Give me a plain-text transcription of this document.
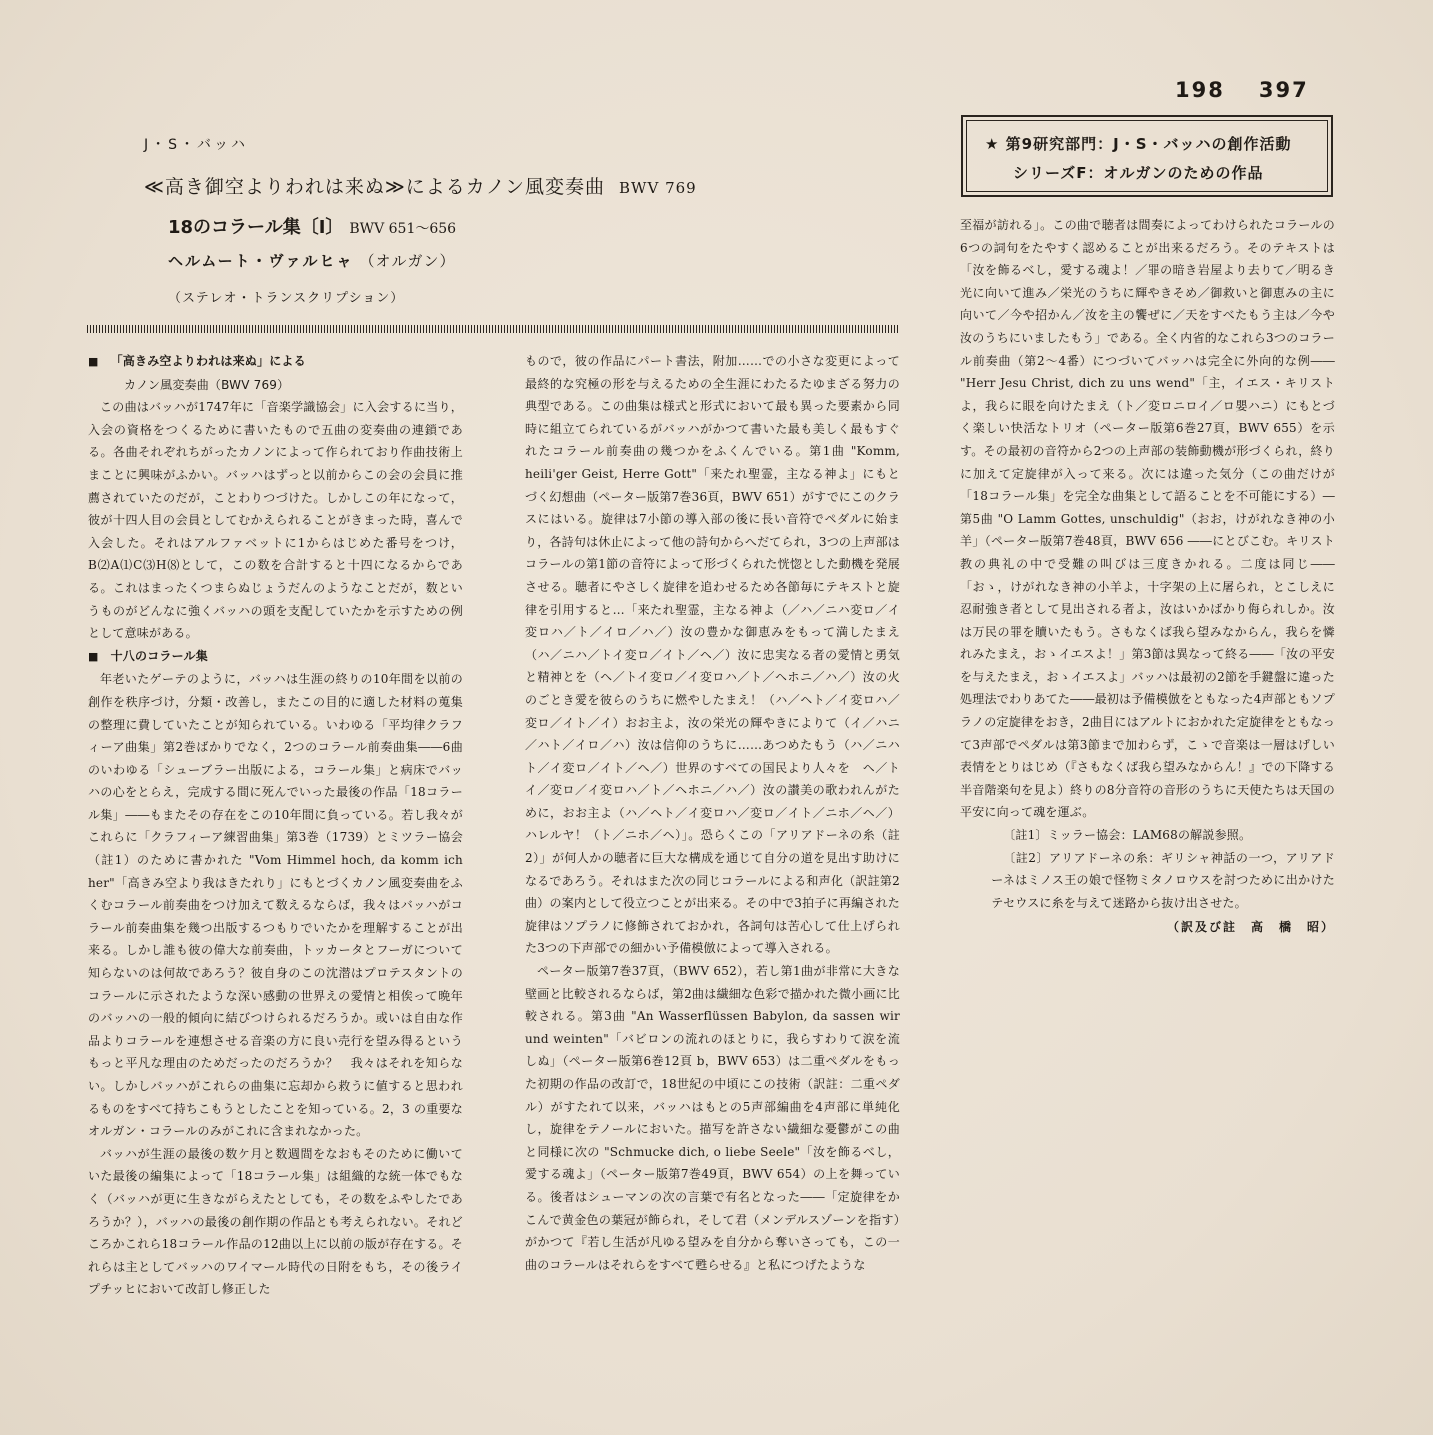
198 397
★ 第9研究部門：J・S・バッハの創作活動
シリーズF：オルガンのための作品
J・S・バッハ
≪高き御空よりわれは来ぬ≫によるカノン風変奏曲 BWV 769
18のコラール集〔Ⅰ〕 BWV 651〜656
ヘルムート・ヴァルヒャ （オルガン）
（ステレオ・トランスクリプション）
■ 「高きみ空よりわれは来ぬ」による
カノン風変奏曲（BWV 769）

この曲はバッハが1747年に「音楽学識協会」に入会するに当り，入会の資格をつくるために書いたもので五曲の変奏曲の連鎖である。各曲それぞれちがったカノンによって作られており作曲技術上まことに興味がふかい。バッハはずっと以前からこの会の会員に推薦されていたのだが，ことわりつづけた。しかしこの年になって，彼が十四人目の会員としてむかえられることがきまった時，喜んで入会した。それはアルファベットに1からはじめた番号をつけ，B⑵A⑴C⑶H⑻として，この数を合計すると十四になるからである。これはまったくつまらぬじょうだんのようなことだが，数というものがどんなに強くバッハの頭を支配していたかを示すための例として意味がある。

■ 十八のコラール集

年老いたゲーテのように，バッハは生涯の終りの10年間を以前の創作を秩序づけ，分類・改善し，またこの目的に適した材料の蒐集の整理に費していたことが知られている。いわゆる「平均律クラフィーア曲集」第2巻ばかりでなく，2つのコラール前奏曲集――6曲のいわゆる「シューブラー出版による，コラール集」と病床でバッハの心をとらえ，完成する間に死んでいった最後の作品「18コラール集」――もまたその存在をこの10年間に負っている。若し我々がこれらに「クラフィーア練習曲集」第3巻（1739）とミツラー協会（註1）のために書かれた "Vom Himmel hoch, da komm ich her"「高きみ空より我はきたれり」にもとづくカノン風変奏曲をふくむコラール前奏曲をつけ加えて数えるならば，我々はバッハがコラール前奏曲集を幾つ出版するつもりでいたかを理解することが出来る。しかし誰も彼の偉大な前奏曲，トッカータとフーガについて知らないのは何故であろう？彼自身のこの沈潜はプロテスタントのコラールに示されたような深い感動の世界えの愛情と相俟って晩年のバッハの一般的傾向に結びつけられるだろうか。或いは自由な作品よりコラールを連想させる音楽の方に良い売行を望み得るというもっと平凡な理由のためだったのだろうか？　我々はそれを知らない。しかしバッハがこれらの曲集に忘却から救うに値すると思われるものをすべて持ちこもうとしたことを知っている。2，3 の重要なオルガン・コラールのみがこれに含まれなかった。

バッハが生涯の最後の数ケ月と数週間をなおもそのために働いていた最後の編集によって「18コラール集」は組織的な統一体でもなく（バッハが更に生きながらえたとしても，その数をふやしたであろうか？），バッハの最後の創作期の作品とも考えられない。それどころかこれら18コラール作品の12曲以上に以前の版が存在する。それらは主としてバッハのワイマール時代の日附をもち，その後ライプチッヒにおいて改訂し修正した

もので，彼の作品にパート書法，附加……での小さな変更によって最終的な究極の形を与えるための全生涯にわたるたゆまざる努力の典型である。この曲集は様式と形式において最も異った要素から同時に組立てられているがバッハがかつて書いた最も美しく最もすぐれたコラール前奏曲の幾つかをふくんでいる。第1曲 "Komm, heili'ger Geist, Herre Gott"「来たれ聖霊，主なる神よ」にもとづく幻想曲（ペーター版第7巻36頁，BWV 651）がすでにこのクラスにはいる。旋律は7小節の導入部の後に長い音符でペダルに始まり，各詩句は休止によって他の詩句からへだてられ，3つの上声部はコラールの第1節の音符によって形づくられた恍惚とした動機を発展させる。聴者にやさしく旋律を追わせるため各節毎にテキストと旋律を引用すると…「来たれ聖霊，主なる神よ（／ハ／ニハ変ロ／イ変ロハ／ト／イロ／ハ／）汝の豊かな御恵みをもって満したまえ（ハ／ニハ／トイ変ロ／イト／ヘ／）汝に忠実なる者の愛情と勇気と精神とを（ヘ／トイ変ロ／イ変ロハ／ト／ヘホニ／ハ／）汝の火のごとき愛を彼らのうちに燃やしたまえ！（ハ／ヘト／イ変ロハ／変ロ／イト／イ）おお主よ，汝の栄光の輝やきによりて（イ／ハニ／ハト／イロ／ハ）汝は信仰のうちに……あつめたもう（ハ／ニハト／イ変ロ／イト／ヘ／）世界のすべての国民より人々を　ヘ／トイ／変ロ／イ変ロハ／ト／ヘホニ／ハ／）汝の讃美の歌われんがために，おお主よ（ハ／ヘト／イ変ロハ／変ロ／イト／ニホ／ヘ／）ハレルヤ！（ト／ニホ／ヘ）」。恐らくこの「アリアドーネの糸（註2）」が何人かの聴者に巨大な構成を通じて自分の道を見出す助けになるであろう。それはまた次の同じコラールによる和声化（訳註第2曲）の案内として役立つことが出来る。その中で3拍子に再編された旋律はソプラノに修飾されておかれ，各詞句は苦心して仕上げられた3つの下声部での細かい予備模倣によって導入される。

ペーター版第7巻37頁，（BWV 652），若し第1曲が非常に大きな壁画と比較されるならば，第2曲は繊細な色彩で描かれた微小画に比較される。第3曲 "An Wasserflüssen Babylon, da sassen wir und weinten"「バビロンの流れのほとりに，我らすわりて涙を流しぬ」（ペーター版第6巻12頁 b，BWV 653）は二重ペダルをもった初期の作品の改訂で，18世紀の中頃にこの技術（訳註：二重ペダル）がすたれて以来，バッハはもとの5声部編曲を4声部に単純化し，旋律をテノールにおいた。描写を許さない繊細な憂鬱がこの曲と同様に次の "Schmucke dich, o liebe Seele"「汝を飾るべし，愛する魂よ」（ペーター版第7巻49頁，BWV 654）の上を舞っている。後者はシューマンの次の言葉で有名となった――「定旋律をかこんで黄金色の葉冠が飾られ，そして君（メンデルスゾーンを指す）がかつて『若し生活が凡ゆる望みを自分から奪いさっても，この一曲のコラールはそれらをすべて甦らせる』と私につげたような

至福が訪れる」。この曲で聴者は間奏によってわけられたコラールの6つの詞句をたやすく認めることが出来るだろう。そのテキストは「汝を飾るべし，愛する魂よ！／罪の暗き岩屋より去りて／明るき光に向いて進み／栄光のうちに輝やきそめ／御救いと御恵みの主に向いて／今や招かん／汝を主の饗ぜに／天をすべたもう主は／今や汝のうちにいましたもう」である。全く内省的なこれら3つのコラール前奏曲（第2〜4番）につづいてバッハは完全に外向的な例―― "Herr Jesu Christ, dich zu uns wend"「主，イエス・キリストよ，我らに眼を向けたまえ（ト／変ロニロイ／ロ嬰ハニ）にもとづく楽しい快活なトリオ（ペーター版第6巻27頁，BWV 655）を示す。その最初の音符から2つの上声部の装飾動機が形づくられ，終りに加えて定旋律が入って来る。次には違った気分（この曲だけが「18コラール集」を完全な曲集として語ることを不可能にする）―第5曲 "O Lamm Gottes, unschuldig"（おお，けがれなき神の小羊」（ペーター版第7巻48頁，BWV 656 ――にとびこむ。キリスト教の典礼の中で受難の叫びは三度きかれる。二度は同じ――「おゝ，けがれなき神の小羊よ，十字架の上に屠られ，とこしえに忍耐強き者として見出される者よ，汝はいかばかり侮られしか。汝は万民の罪を贖いたもう。さもなくば我ら望みなからん，我らを憐れみたまえ，おゝイエスよ！」第3節は異なって終る――「汝の平安を与えたまえ，おゝイエスよ」バッハは最初の2節を手鍵盤に違った処理法でわりあてた――最初は予備模倣をともなった4声部ともソプラノの定旋律をおき，2曲目にはアルトにおかれた定旋律をともなって3声部でペダルは第3節まで加わらず，こゝで音楽は一層はげしい表情をとりはじめ（『さもなくば我ら望みなからん！』での下降する半音階楽句を見よ）終りの8分音符の音形のうちに天使たちは天国の平安に向って魂を運ぶ。

〔註1〕ミッラー協会：LAM68の解説参照。

〔註2〕アリアドーネの糸：ギリシャ神話の一つ，アリアドーネはミノス王の娘で怪物ミタノロウスを討つために出かけたテセウスに糸を与えて迷路から抜け出させた。

（訳及び註　高　橋　昭）
